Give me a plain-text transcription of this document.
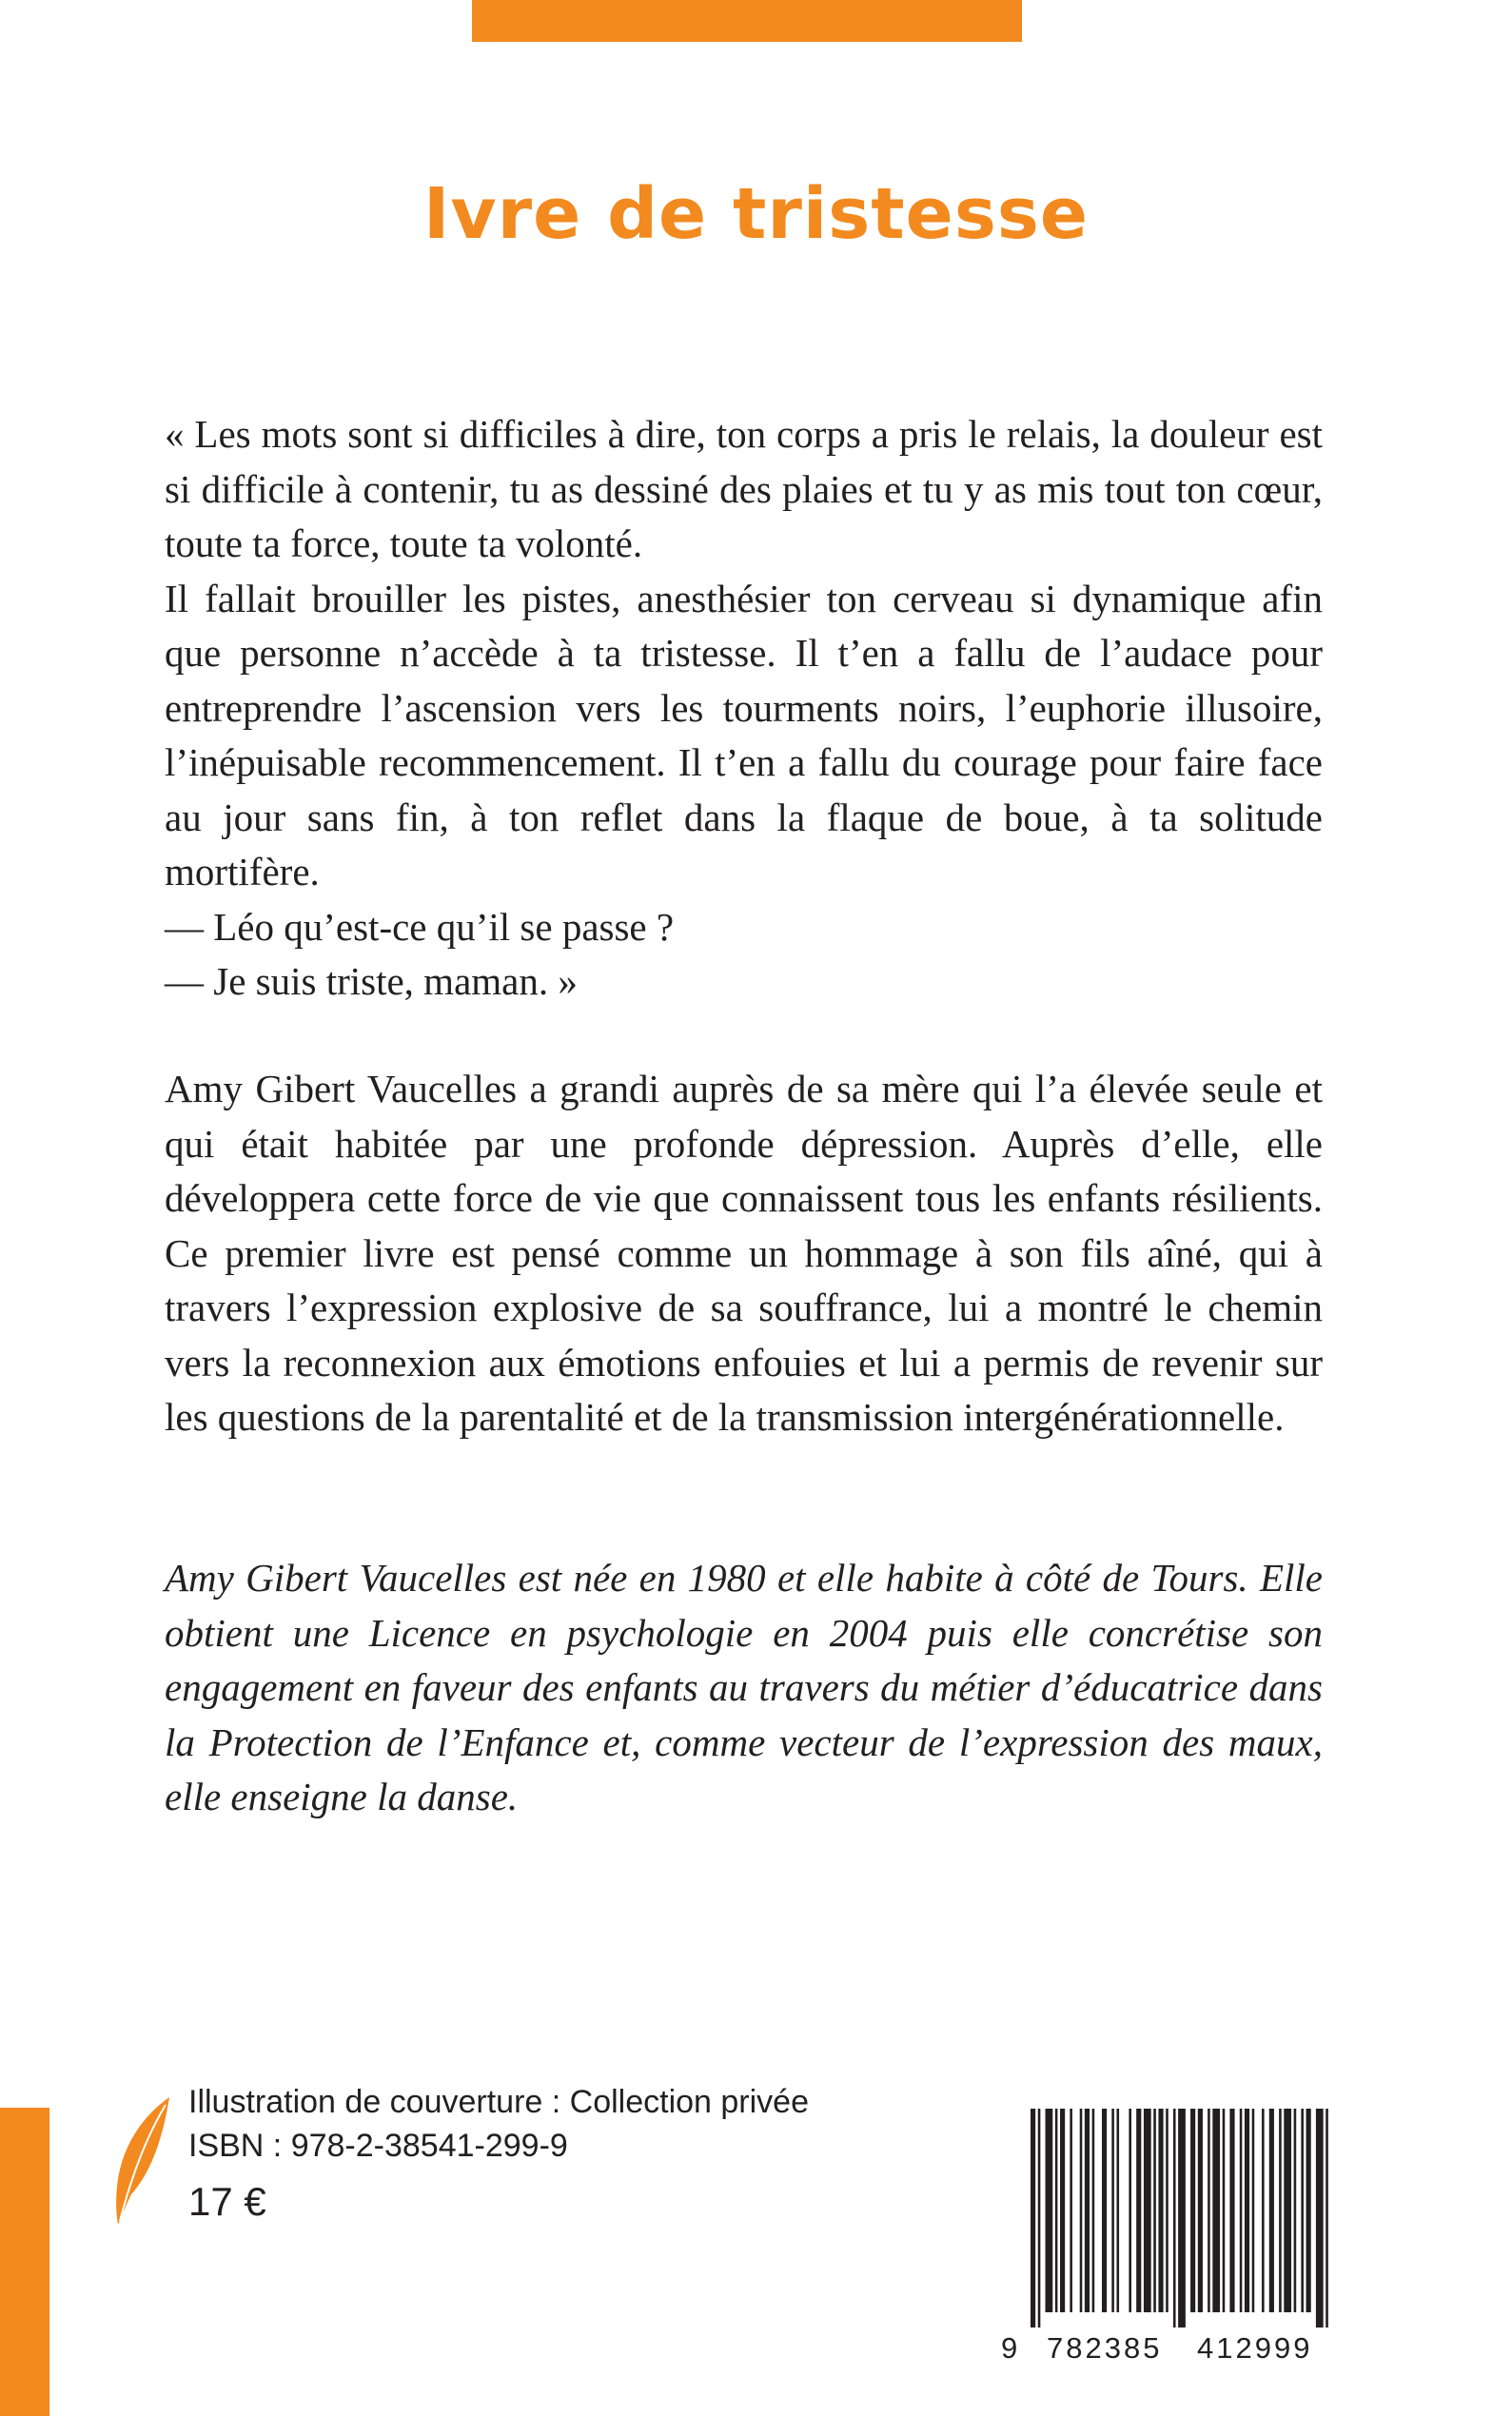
Ivre de tristesse

« Les mots sont si difficiles à dire, ton corps a pris le relais, la douleur est si difficile à contenir, tu as dessiné des plaies et tu y as mis tout ton cœur, toute ta force, toute ta volonté.

Il fallait brouiller les pistes, anesthésier ton cerveau si dynamique afin que personne n’accède à ta tristesse. Il t’en a fallu de l’audace pour entreprendre l’ascension vers les tourments noirs, l’euphorie illusoire, l’inépuisable recommencement. Il t’en a fallu du courage pour faire face au jour sans fin, à ton reflet dans la flaque de boue, à ta solitude mortifère.

— Léo qu’est-ce qu’il se passe ?

— Je suis triste, maman. »

Amy Gibert Vaucelles a grandi auprès de sa mère qui l’a élevée seule et qui était habitée par une profonde dépression. Auprès d’elle, elle développera cette force de vie que connaissent tous les enfants résilients. Ce premier livre est pensé comme un hommage à son fils aîné, qui à travers l’expression explosive de sa souffrance, lui a montré le chemin vers la reconnexion aux émotions enfouies et lui a permis de revenir sur les questions de la parentalité et de la transmission intergénérationnelle.

Amy Gibert Vaucelles est née en 1980 et elle habite à côté de Tours. Elle obtient une Licence en psychologie en 2004 puis elle concrétise son engagement en faveur des enfants au travers du métier d’éducatrice dans la Protection de l’Enfance et, comme vecteur de l’expression des maux, elle enseigne la danse.

Illustration de couverture : Collection privée
ISBN : 978-2-38541-299-9
17 €
9 782385 412999
